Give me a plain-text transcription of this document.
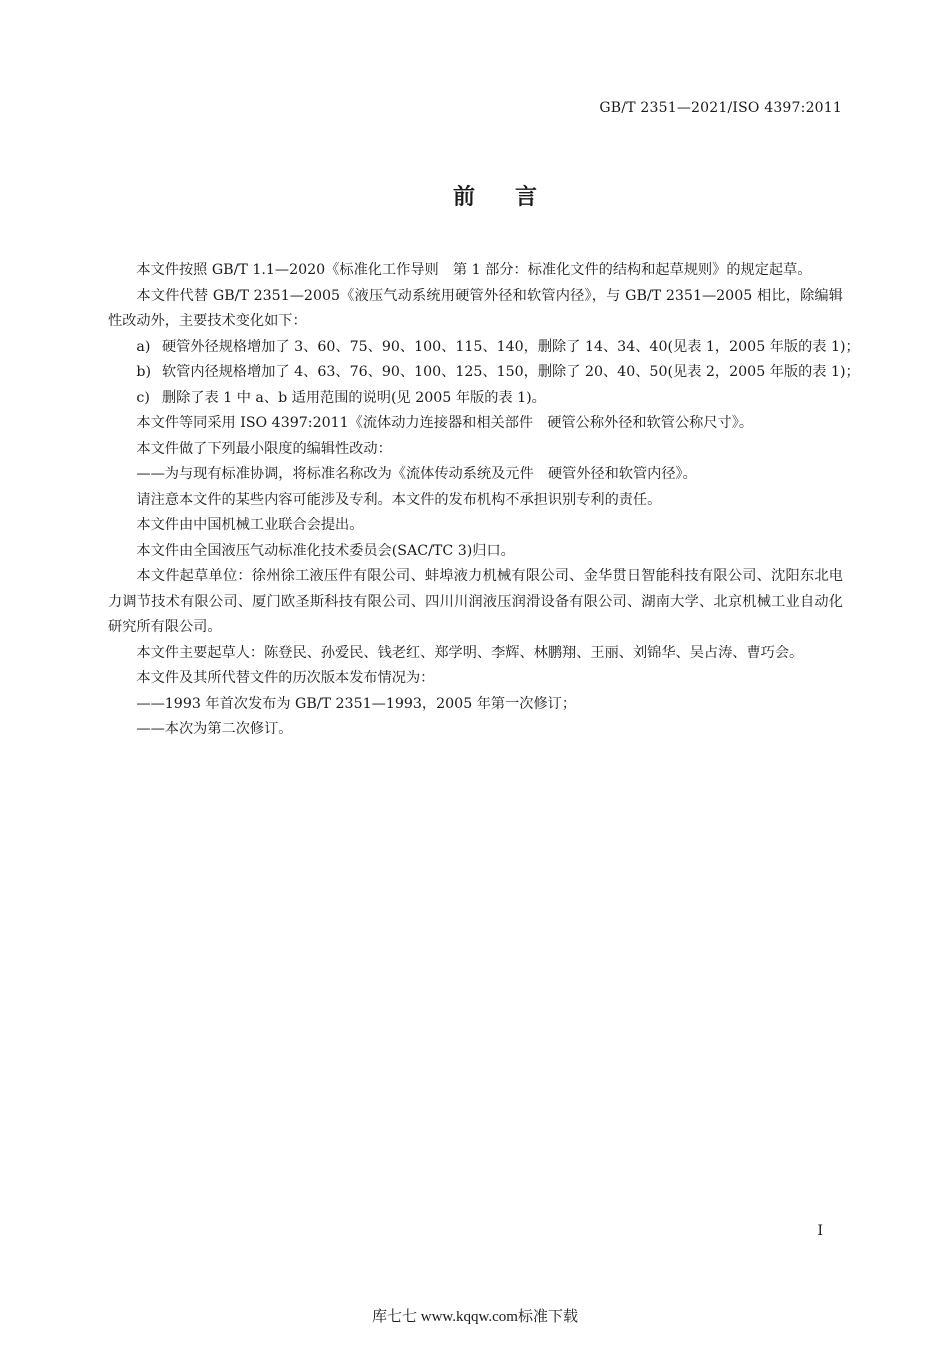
GB/T 2351—2021/ISO 4397:2011
前言

本文件按照 GB/T 1.1—2020《标准化工作导则　第 1 部分：标准化文件的结构和起草规则》的规定起草。

本文件代替 GB/T 2351—2005《液压气动系统用硬管外径和软管内径》，与 GB/T 2351—2005 相比，除编辑性改动外，主要技术变化如下：

a) 硬管外径规格增加了 3、60、75、90、100、115、140，删除了 14、34、40(见表 1，2005 年版的表 1)；

b) 软管内径规格增加了 4、63、76、90、100、125、150，删除了 20、40、50(见表 2，2005 年版的表 1)；

c) 删除了表 1 中 a、b 适用范围的说明(见 2005 年版的表 1)。

本文件等同采用 ISO 4397:2011《流体动力连接器和相关部件　硬管公称外径和软管公称尺寸》。

本文件做了下列最小限度的编辑性改动：

——为与现有标准协调，将标准名称改为《流体传动系统及元件　硬管外径和软管内径》。

请注意本文件的某些内容可能涉及专利。本文件的发布机构不承担识别专利的责任。

本文件由中国机械工业联合会提出。

本文件由全国液压气动标准化技术委员会(SAC/TC 3)归口。

本文件起草单位：徐州徐工液压件有限公司、蚌埠液力机械有限公司、金华贯日智能科技有限公司、沈阳东北电力调节技术有限公司、厦门欧圣斯科技有限公司、四川川润液压润滑设备有限公司、湖南大学、北京机械工业自动化研究所有限公司。

本文件主要起草人：陈登民、孙爱民、钱老红、郑学明、李辉、林鹏翔、王丽、刘锦华、吴占涛、曹巧会。

本文件及其所代替文件的历次版本发布情况为：

——1993 年首次发布为 GB/T 2351—1993，2005 年第一次修订；

——本次为第二次修订。

I
库七七 www.kqqw.com标准下载
